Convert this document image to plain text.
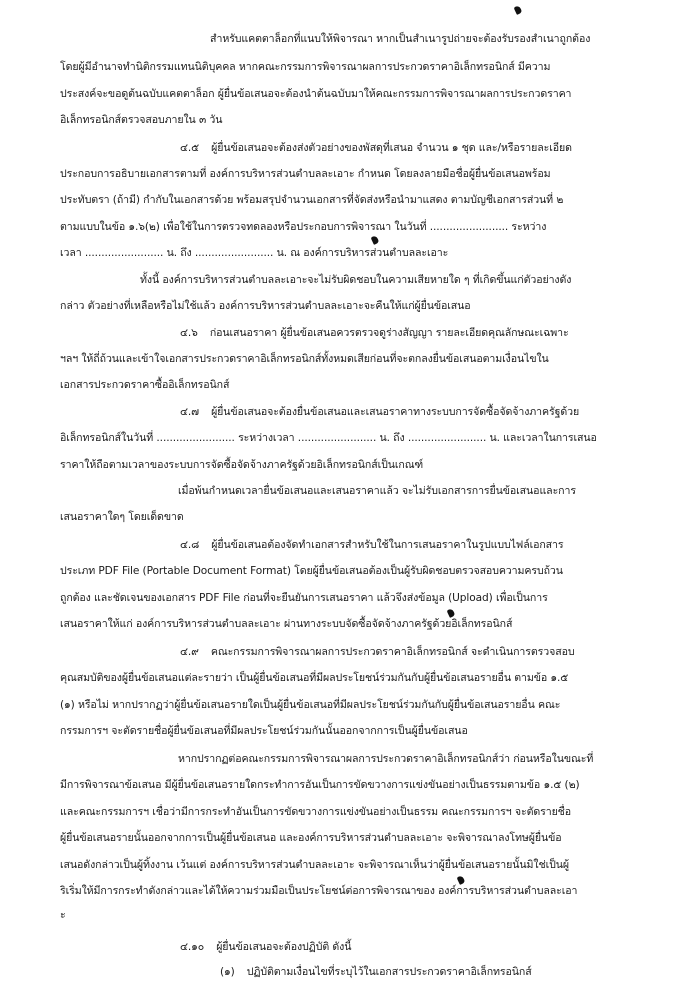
สำหรับแคตตาล็อกที่แนบให้พิจารณา หากเป็นสำเนารูปถ่ายจะต้องรับรองสำเนาถูกต้อง
โดยผู้มีอำนาจทำนิติกรรมแทนนิติบุคคล หากคณะกรรมการพิจารณาผลการประกวดราคาอิเล็กทรอนิกส์ มีความ
ประสงค์จะขอดูต้นฉบับแคตตาล็อก ผู้ยื่นข้อเสนอจะต้องนำต้นฉบับมาให้คณะกรรมการพิจารณาผลการประกวดราคา
อิเล็กทรอนิกส์ตรวจสอบภายใน ๓ วัน
๔.๕ ผู้ยื่นข้อเสนอจะต้องส่งตัวอย่างของพัสดุที่เสนอ จำนวน ๑ ชุด และ/หรือรายละเอียด
ประกอบการอธิบายเอกสารตามที่ องค์การบริหารส่วนตำบลละเอาะ กำหนด โดยลงลายมือชื่อผู้ยื่นข้อเสนอพร้อม
ประทับตรา (ถ้ามี) กำกับในเอกสารด้วย พร้อมสรุปจำนวนเอกสารที่จัดส่งหรือนำมาแสดง ตามบัญชีเอกสารส่วนที่ ๒
ตามแบบในข้อ ๑.๖(๒) เพื่อใช้ในการตรวจทดลองหรือประกอบการพิจารณา ในวันที่ ........................ ระหว่าง
เวลา ........................ น. ถึง ........................ น. ณ องค์การบริหารส่วนตำบลละเอาะ
ทั้งนี้ องค์การบริหารส่วนตำบลละเอาะจะไม่รับผิดชอบในความเสียหายใด ๆ ที่เกิดขึ้นแก่ตัวอย่างดัง
กล่าว ตัวอย่างที่เหลือหรือไม่ใช้แล้ว องค์การบริหารส่วนตำบลละเอาะจะคืนให้แก่ผู้ยื่นข้อเสนอ
๔.๖ ก่อนเสนอราคา ผู้ยื่นข้อเสนอควรตรวจดูร่างสัญญา รายละเอียดคุณลักษณะเฉพาะ
ฯลฯ ให้ถี่ถ้วนและเข้าใจเอกสารประกวดราคาอิเล็กทรอนิกส์ทั้งหมดเสียก่อนที่จะตกลงยื่นข้อเสนอตามเงื่อนไขใน
เอกสารประกวดราคาซื้ออิเล็กทรอนิกส์
๔.๗ ผู้ยื่นข้อเสนอจะต้องยื่นข้อเสนอและเสนอราคาทางระบบการจัดซื้อจัดจ้างภาครัฐด้วย
อิเล็กทรอนิกส์ในวันที่ ........................ ระหว่างเวลา ........................ น. ถึง ........................ น. และเวลาในการเสนอ
ราคาให้ถือตามเวลาของระบบการจัดซื้อจัดจ้างภาครัฐด้วยอิเล็กทรอนิกส์เป็นเกณฑ์
เมื่อพ้นกำหนดเวลายื่นข้อเสนอและเสนอราคาแล้ว จะไม่รับเอกสารการยื่นข้อเสนอและการ
เสนอราคาใดๆ โดยเด็ดขาด
๔.๘ ผู้ยื่นข้อเสนอต้องจัดทำเอกสารสำหรับใช้ในการเสนอราคาในรูปแบบไฟล์เอกสาร
ประเภท PDF File (Portable Document Format) โดยผู้ยื่นข้อเสนอต้องเป็นผู้รับผิดชอบตรวจสอบความครบถ้วน
ถูกต้อง และชัดเจนของเอกสาร PDF File ก่อนที่จะยืนยันการเสนอราคา แล้วจึงส่งข้อมูล (Upload) เพื่อเป็นการ
เสนอราคาให้แก่ องค์การบริหารส่วนตำบลละเอาะ ผ่านทางระบบจัดซื้อจัดจ้างภาครัฐด้วยอิเล็กทรอนิกส์
๔.๙ คณะกรรมการพิจารณาผลการประกวดราคาอิเล็กทรอนิกส์ จะดำเนินการตรวจสอบ
คุณสมบัติของผู้ยื่นข้อเสนอแต่ละรายว่า เป็นผู้ยื่นข้อเสนอที่มีผลประโยชน์ร่วมกันกับผู้ยื่นข้อเสนอรายอื่น ตามข้อ ๑.๕
(๑) หรือไม่ หากปรากฏว่าผู้ยื่นข้อเสนอรายใดเป็นผู้ยื่นข้อเสนอที่มีผลประโยชน์ร่วมกันกับผู้ยื่นข้อเสนอรายอื่น คณะ
กรรมการฯ จะตัดรายชื่อผู้ยื่นข้อเสนอที่มีผลประโยชน์ร่วมกันนั้นออกจากการเป็นผู้ยื่นข้อเสนอ
หากปรากฏต่อคณะกรรมการพิจารณาผลการประกวดราคาอิเล็กทรอนิกส์ว่า ก่อนหรือในขณะที่
มีการพิจารณาข้อเสนอ มีผู้ยื่นข้อเสนอรายใดกระทำการอันเป็นการขัดขวางการแข่งขันอย่างเป็นธรรมตามข้อ ๑.๕ (๒)
และคณะกรรมการฯ เชื่อว่ามีการกระทำอันเป็นการขัดขวางการแข่งขันอย่างเป็นธรรม คณะกรรมการฯ จะตัดรายชื่อ
ผู้ยื่นข้อเสนอรายนั้นออกจากการเป็นผู้ยื่นข้อเสนอ และองค์การบริหารส่วนตำบลละเอาะ จะพิจารณาลงโทษผู้ยื่นข้อ
เสนอดังกล่าวเป็นผู้ทิ้งงาน เว้นแต่ องค์การบริหารส่วนตำบลละเอาะ จะพิจารณาเห็นว่าผู้ยื่นข้อเสนอรายนั้นมิใช่เป็นผู้
ริเริ่มให้มีการกระทำดังกล่าวและได้ให้ความร่วมมือเป็นประโยชน์ต่อการพิจารณาของ องค์การบริหารส่วนตำบลละเอา
ะ
๔.๑๐ ผู้ยื่นข้อเสนอจะต้องปฏิบัติ ดังนี้
(๑) ปฏิบัติตามเงื่อนไขที่ระบุไว้ในเอกสารประกวดราคาอิเล็กทรอนิกส์
